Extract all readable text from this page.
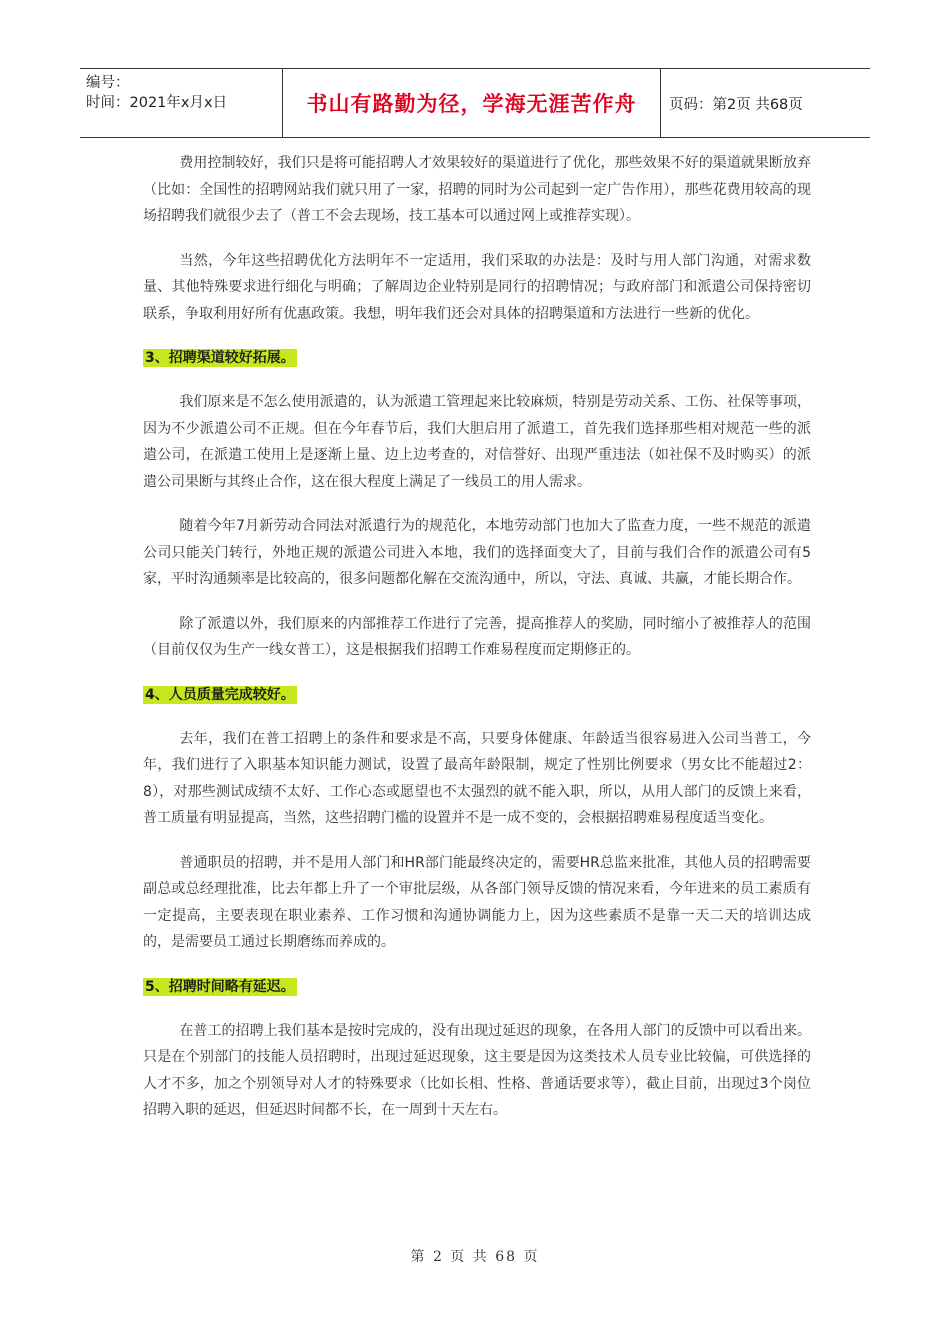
编号：
时间：2021年x月x日	书山有路勤为径，学海无涯苦作舟 页码：第2页 共68页

费用控制较好，我们只是将可能招聘人才效果较好的渠道进行了优化，那些效果不好的渠道就果断放弃（比如：全国性的招聘网站我们就只用了一家，招聘的同时为公司起到一定广告作用），那些花费用较高的现场招聘我们就很少去了（普工不会去现场，技工基本可以通过网上或推荐实现）。

当然，今年这些招聘优化方法明年不一定适用，我们采取的办法是：及时与用人部门沟通，对需求数量、其他特殊要求进行细化与明确；了解周边企业特别是同行的招聘情况；与政府部门和派遣公司保持密切联系，争取利用好所有优惠政策。我想，明年我们还会对具体的招聘渠道和方法进行一些新的优化。

3、招聘渠道较好拓展。

我们原来是不怎么使用派遣的，认为派遣工管理起来比较麻烦，特别是劳动关系、工伤、社保等事项，因为不少派遣公司不正规。但在今年春节后，我们大胆启用了派遣工，首先我们选择那些相对规范一些的派遣公司，在派遣工使用上是逐渐上量、边上边考查的，对信誉好、出现严重违法（如社保不及时购买）的派遣公司果断与其终止合作，这在很大程度上满足了一线员工的用人需求。

随着今年7月新劳动合同法对派遣行为的规范化，本地劳动部门也加大了监查力度，一些不规范的派遣公司只能关门转行，外地正规的派遣公司进入本地，我们的选择面变大了，目前与我们合作的派遣公司有5家，平时沟通频率是比较高的，很多问题都化解在交流沟通中，所以，守法、真诚、共赢，才能长期合作。

除了派遣以外，我们原来的内部推荐工作进行了完善，提高推荐人的奖励，同时缩小了被推荐人的范围（目前仅仅为生产一线女普工），这是根据我们招聘工作难易程度而定期修正的。

4、人员质量完成较好。

去年，我们在普工招聘上的条件和要求是不高，只要身体健康、年龄适当很容易进入公司当普工，今年，我们进行了入职基本知识能力测试，设置了最高年龄限制，规定了性别比例要求（男女比不能超过2：8），对那些测试成绩不太好、工作心态或愿望也不太强烈的就不能入职，所以，从用人部门的反馈上来看，普工质量有明显提高，当然，这些招聘门槛的设置并不是一成不变的，会根据招聘难易程度适当变化。

普通职员的招聘，并不是用人部门和HR部门能最终决定的，需要HR总监来批准，其他人员的招聘需要副总或总经理批准，比去年都上升了一个审批层级，从各部门领导反馈的情况来看，今年进来的员工素质有一定提高，主要表现在职业素养、工作习惯和沟通协调能力上，因为这些素质不是靠一天二天的培训达成的，是需要员工通过长期磨练而养成的。

5、招聘时间略有延迟。

在普工的招聘上我们基本是按时完成的，没有出现过延迟的现象，在各用人部门的反馈中可以看出来。只是在个别部门的技能人员招聘时，出现过延迟现象，这主要是因为这类技术人员专业比较偏，可供选择的人才不多，加之个别领导对人才的特殊要求（比如长相、性格、普通话要求等），截止目前，出现过3个岗位招聘入职的延迟，但延迟时间都不长，在一周到十天左右。

第 2 页 共 68 页
